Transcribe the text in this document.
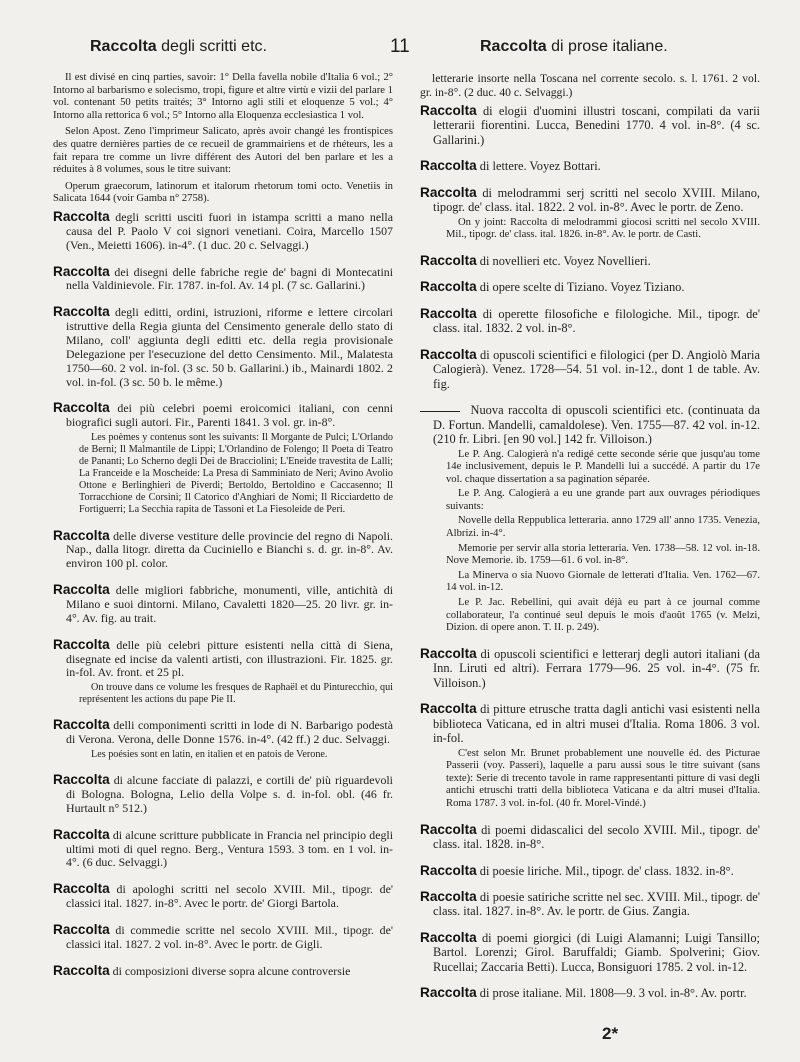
Raccolta degli scritti etc.	11	Raccolta di prose italiane.

Il est divisé en cinq parties, savoir: 1° Della favella nobile d'Italia 6 vol.; 2° Intorno al barbarismo e solecismo, tropi, figure et altre virtù e vizii del parlare 1 vol. contenant 50 petits traités; 3° Intorno agli stili et eloquenze 5 vol.; 4° Intorno alla rettorica 6 vol.; 5° Intorno alla Eloquenza ecclesiastica 1 vol.

Selon Apost. Zeno l'imprimeur Salicato, après avoir changé les frontispices des quatre dernières parties de ce recueil de grammairiens et de rhéteurs, les a fait repara tre comme un livre différent des Autori del ben parlare et les a réduites à 8 volumes, sous le titre suivant:

Operum graecorum, latinorum et italorum rhetorum tomi octo. Venetiis in Salicata 1644 (voir Gamba n° 2758).

Raccolta degli scritti usciti fuori in istampa scritti a mano nella causa del P. Paolo V coi signori venetiani. Coira, Marcello 1507 (Ven., Meietti 1606). in-4°. (1 duc. 20 c. Selvaggi.)

Raccolta dei disegni delle fabriche regie de' bagni di Montecatini nella Valdinievole. Fir. 1787. in-fol. Av. 14 pl. (7 sc. Gallarini.)

Raccolta degli editti, ordini, istruzioni, riforme e lettere circolari istruttive della Regia giunta del Censimento generale dello stato di Milano, coll' aggiunta degli editti etc. della regia provisionale Delegazione per l'esecuzione del detto Censimento. Mil., Malatesta 1750—60. 2 vol. in-fol. (3 sc. 50 b. Gallarini.) ib., Mainardi 1802. 2 vol. in-fol. (3 sc. 50 b. le même.)

Raccolta dei più celebri poemi eroicomici italiani, con cenni biografici sugli autori. Fir., Parenti 1841. 3 vol. gr. in-8°.

Les poèmes y contenus sont les suivants: Il Morgante de Pulci; L'Orlando de Berni; Il Malmantile de Lippi; L'Orlandino de Folengo; Il Poeta di Teatro de Pananti; Lo Scherno degli Dei de Bracciolini; L'Eneide travestita de Lalli; La Franceide e la Moscheide: La Presa di Samminiato de Neri; Avino Avolio Ottone e Berlinghieri de Piverdi; Bertoldo, Bertoldino e Caccasenno; Il Torracchione de Corsini; Il Catorico d'Anghiari de Nomi; Il Ricciardetto de Fortiguerri; La Secchia rapita de Tassoni et La Fiesoleide de Peri.

Raccolta delle diverse vestiture delle provincie del regno di Napoli. Nap., dalla litogr. diretta da Cuciniello e Bianchi s. d. gr. in-8°. Av. environ 100 pl. color.

Raccolta delle migliori fabbriche, monumenti, ville, antichità di Milano e suoi dintorni. Milano, Cavaletti 1820—25. 20 livr. gr. in-4°. Av. fig. au trait.

Raccolta delle più celebri pitture esistenti nella città di Siena, disegnate ed incise da valenti artisti, con illustrazioni. Fir. 1825. gr. in-fol. Av. front. et 25 pl.

On trouve dans ce volume les fresques de Raphaël et du Pinturecchio, qui représentent les actions du pape Pie II.

Raccolta delli componimenti scritti in lode di N. Barbarigo podestà di Verona. Verona, delle Donne 1576. in-4°. (42 ff.) 2 duc. Selvaggi.

Les poésies sont en latin, en italien et en patois de Verone.

Raccolta di alcune facciate di palazzi, e cortili de' più riguardevoli di Bologna. Bologna, Lelio della Volpe s. d. in-fol. obl. (46 fr. Hurtault n° 512.)

Raccolta di alcune scritture pubblicate in Francia nel principio degli ultimi moti di quel regno. Berg., Ventura 1593. 3 tom. en 1 vol. in-4°. (6 duc. Selvaggi.)

Raccolta di apologhi scritti nel secolo XVIII. Mil., tipogr. de' classici ital. 1827. in-8°. Avec le portr. de' Giorgi Bartola.

Raccolta di commedie scritte nel secolo XVIII. Mil., tipogr. de' classici ital. 1827. 2 vol. in-8°. Avec le portr. de Gigli.

Raccolta di composizioni diverse sopra alcune controversie

letterarie insorte nella Toscana nel corrente secolo. s. l. 1761. 2 vol. gr. in-8°. (2 duc. 40 c. Selvaggi.)

Raccolta di elogii d'uomini illustri toscani, compilati da varii letterarii fiorentini. Lucca, Benedini 1770. 4 vol. in-8°. (4 sc. Gallarini.)

Raccolta di lettere. Voyez Bottari.

Raccolta di melodrammi serj scritti nel secolo XVIII. Milano, tipogr. de' class. ital. 1822. 2 vol. in-8°. Avec le portr. de Zeno.

On y joint: Raccolta di melodrammi giocosi scritti nel secolo XVIII. Mil., tipogr. de' class. ital. 1826. in-8°. Av. le portr. de Casti.

Raccolta di novellieri etc. Voyez Novellieri.

Raccolta di opere scelte di Tiziano. Voyez Tiziano.

Raccolta di operette filosofiche e filologiche. Mil., tipogr. de' class. ital. 1832. 2 vol. in-8°.

Raccolta di opuscoli scientifici e filologici (per D. Angiolò Maria Calogierà). Venez. 1728—54. 51 vol. in-12., dont 1 de table. Av. fig.

Nuova raccolta di opuscoli scientifici etc. (continuata da D. Fortun. Mandelli, camaldolese). Ven. 1755—87. 42 vol. in-12. (210 fr. Libri. [en 90 vol.] 142 fr. Villoison.)

Le P. Ang. Calogierà n'a redigé cette seconde série que jusqu'au tome 14e inclusivement, depuis le P. Mandelli lui a succédé. A partir du 17e vol. chaque dissertation a sa pagination séparée.

Le P. Ang. Calogierà a eu une grande part aux ouvrages périodiques suivants:

Novelle della Reppublica letteraria. anno 1729 all' anno 1735. Venezia, Albrizi. in-4°.

Memorie per servir alla storia letteraria. Ven. 1738—58. 12 vol. in-18. Nove Memorie. ib. 1759—61. 6 vol. in-8°.

La Minerva o sia Nuovo Giornale de letterati d'Italia. Ven. 1762—67. 14 vol. in-12.

Le P. Jac. Rebellini, qui avait déjà eu part à ce journal comme collaborateur, l'a continué seul depuis le mois d'août 1765 (v. Melzi, Dizion. di opere anon. T. II. p. 249).

Raccolta di opuscoli scientifici e letterarj degli autori italiani (da Inn. Liruti ed altri). Ferrara 1779—96. 25 vol. in-4°. (75 fr. Villoison.)

Raccolta di pitture etrusche tratta dagli antichi vasi esistenti nella biblioteca Vaticana, ed in altri musei d'Italia. Roma 1806. 3 vol. in-fol.

C'est selon Mr. Brunet probablement une nouvelle éd. des Picturae Passerii (voy. Passeri), laquelle a paru aussi sous le titre suivant (sans texte): Serie di trecento tavole in rame rappresentanti pitture di vasi degli antichi etruschi tratti della biblioteca Vaticana e da altri musei d'Italia. Roma 1787. 3 vol. in-fol. (40 fr. Morel-Vindé.)

Raccolta di poemi didascalici del secolo XVIII. Mil., tipogr. de' class. ital. 1828. in-8°.

Raccolta di poesie liriche. Mil., tipogr. de' class. 1832. in-8°.

Raccolta di poesie satiriche scritte nel sec. XVIII. Mil., tipogr. de' class. ital. 1827. in-8°. Av. le portr. de Gius. Zangia.

Raccolta di poemi giorgici (di Luigi Alamanni; Luigi Tansillo; Bartol. Lorenzi; Girol. Baruffaldi; Giamb. Spolverini; Giov. Rucellai; Zaccaria Betti). Lucca, Bonsiguori 1785. 2 vol. in-12.

Raccolta di prose italiane. Mil. 1808—9. 3 vol. in-8°. Av. portr.

2*
